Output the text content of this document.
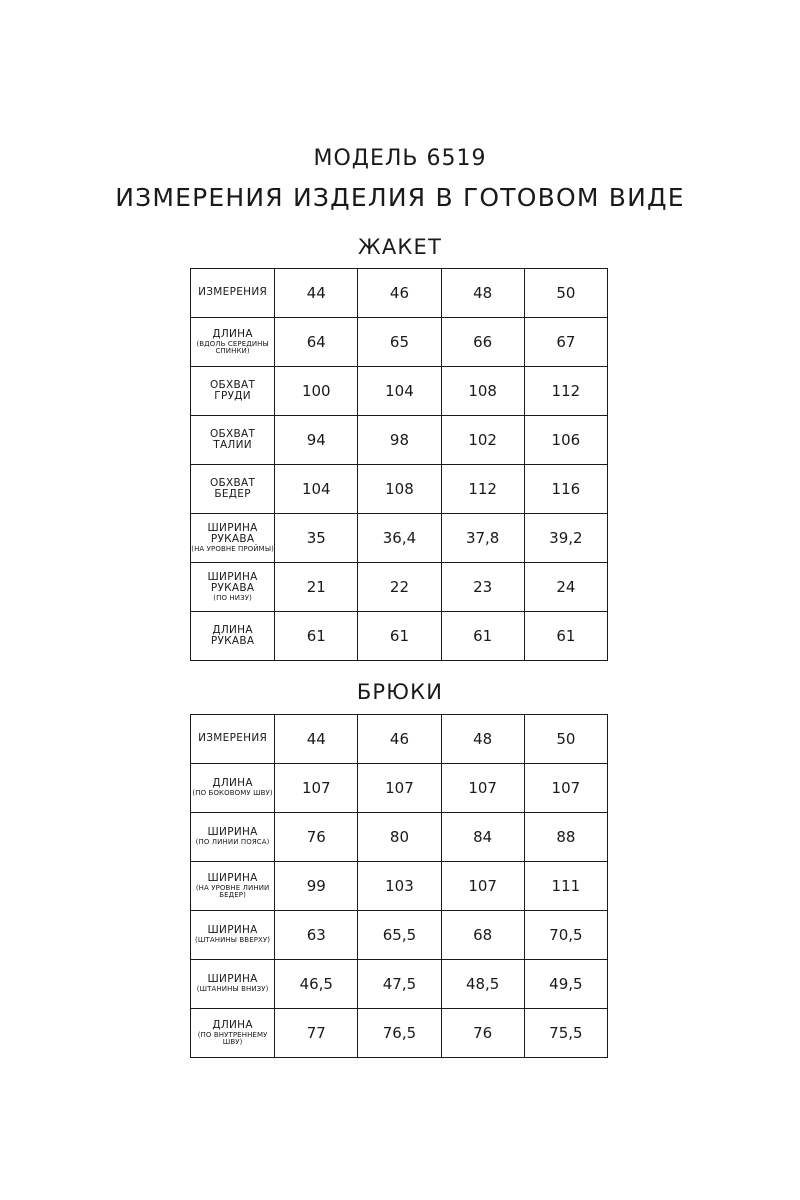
МОДЕЛЬ 6519
ИЗМЕРЕНИЯ ИЗДЕЛИЯ В ГОТОВОМ ВИДЕ
ЖАКЕТ
ИЗМЕРЕНИЯ	44	46	48	50

ДЛИНА
(ВДОЛЬ СЕРЕДИНЫ СПИНКИ)	64	65	66	67

ОБХВАТ ГРУДИ	100	104	108	112

ОБХВАТ ТАЛИИ	94	98	102	106

ОБХВАТ БЕДЕР	104	108	112	116

ШИРИНА РУКАВА
(НА УРОВНЕ ПРОЙМЫ)	35	36,4	37,8	39,2

ШИРИНА РУКАВА
(ПО НИЗУ)	21	22	23	24

ДЛИНА РУКАВА	61	61	61	61
БРЮКИ
ИЗМЕРЕНИЯ	44	46	48	50

ДЛИНА
(ПО БОКОВОМУ ШВУ)	107	107	107	107

ШИРИНА
(ПО ЛИНИИ ПОЯСА)	76	80	84	88

ШИРИНА
(НА УРОВНЕ ЛИНИИ БЕДЕР)	99	103	107	111

ШИРИНА
(ШТАНИНЫ ВВЕРХУ)	63	65,5	68	70,5

ШИРИНА
(ШТАНИНЫ ВНИЗУ)	46,5	47,5	48,5	49,5

ДЛИНА
(ПО ВНУТРЕННЕМУ ШВУ)	77	76,5	76	75,5
